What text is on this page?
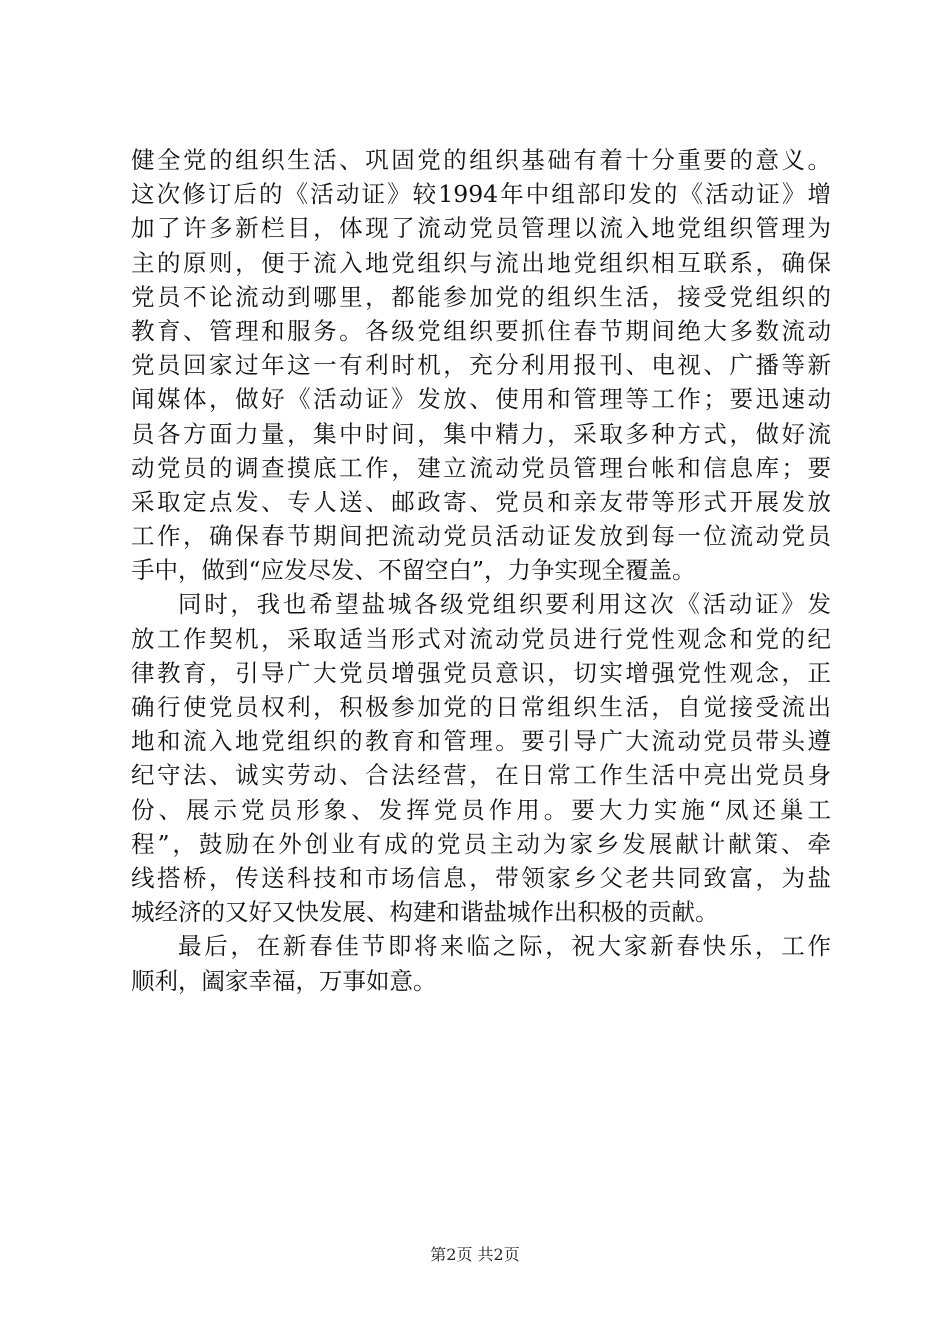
健全党的组织生活、巩固党的组织基础有着十分重要的意义。
这次修订后的《活动证》较1994年中组部印发的《活动证》增
加了许多新栏目，体现了流动党员管理以流入地党组织管理为
主的原则，便于流入地党组织与流出地党组织相互联系，确保
党员不论流动到哪里，都能参加党的组织生活，接受党组织的
教育、管理和服务。各级党组织要抓住春节期间绝大多数流动
党员回家过年这一有利时机，充分利用报刊、电视、广播等新
闻媒体，做好《活动证》发放、使用和管理等工作；要迅速动
员各方面力量，集中时间，集中精力，采取多种方式，做好流
动党员的调查摸底工作，建立流动党员管理台帐和信息库；要
采取定点发、专人送、邮政寄、党员和亲友带等形式开展发放
工作，确保春节期间把流动党员活动证发放到每一位流动党员
手中，做到“应发尽发、不留空白”，力争实现全覆盖。
同时，我也希望盐城各级党组织要利用这次《活动证》发
放工作契机，采取适当形式对流动党员进行党性观念和党的纪
律教育，引导广大党员增强党员意识，切实增强党性观念，正
确行使党员权利，积极参加党的日常组织生活，自觉接受流出
地和流入地党组织的教育和管理。要引导广大流动党员带头遵
纪守法、诚实劳动、合法经营，在日常工作生活中亮出党员身
份、展示党员形象、发挥党员作用。要大力实施“凤还巢工
程”，鼓励在外创业有成的党员主动为家乡发展献计献策、牵
线搭桥，传送科技和市场信息，带领家乡父老共同致富，为盐
城经济的又好又快发展、构建和谐盐城作出积极的贡献。
最后，在新春佳节即将来临之际，祝大家新春快乐，工作
顺利，阖家幸福，万事如意。
第2页 共2页
